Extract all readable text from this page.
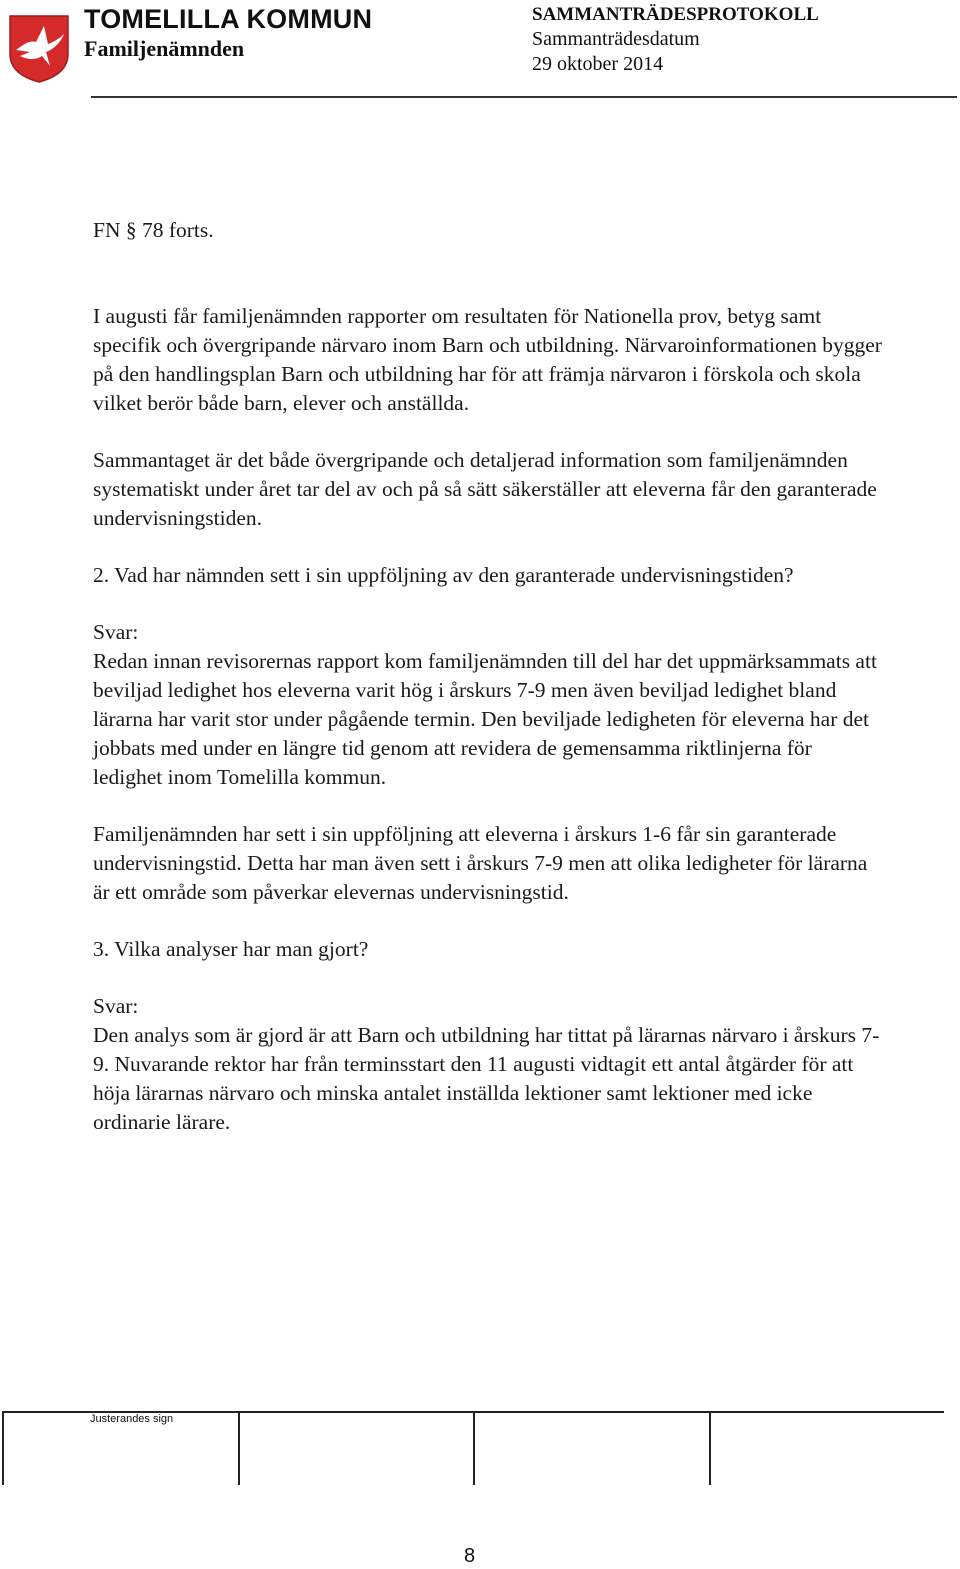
TOMELILLA KOMMUN
Familjenämnden
SAMMANTRÄDESPROTOKOLL
Sammanträdesdatum
29 oktober 2014

FN § 78 forts.

I augusti får familjenämnden rapporter om resultaten för Nationella prov, betyg samt specifik och övergripande närvaro inom Barn och utbildning. Närvaroinformationen bygger på den handlingsplan Barn och utbildning har för att främja närvaron i förskola och skola vilket berör både barn, elever och anställda.

Sammantaget är det både övergripande och detaljerad information som familjenämnden systematiskt under året tar del av och på så sätt säkerställer att eleverna får den garanterade undervisningstiden.

2. Vad har nämnden sett i sin uppföljning av den garanterade undervisningstiden?

Svar:

Redan innan revisorernas rapport kom familjenämnden till del har det uppmärksammats att beviljad ledighet hos eleverna varit hög i årskurs 7-9 men även beviljad ledighet bland lärarna har varit stor under pågående termin. Den beviljade ledigheten för eleverna har det jobbats med under en längre tid genom att revidera de gemensamma riktlinjerna för ledighet inom Tomelilla kommun.

Familjenämnden har sett i sin uppföljning att eleverna i årskurs 1-6 får sin garanterade undervisningstid. Detta har man även sett i årskurs 7-9 men att olika ledigheter för lärarna är ett område som påverkar elevernas undervisningstid.

3. Vilka analyser har man gjort?

Svar:

Den analys som är gjord är att Barn och utbildning har tittat på lärarnas närvaro i årskurs 7-9. Nuvarande rektor har från terminsstart den 11 augusti vidtagit ett antal åtgärder för att höja lärarnas närvaro och minska antalet inställda lektioner samt lektioner med icke ordinarie lärare.

Justerandes sign
8
